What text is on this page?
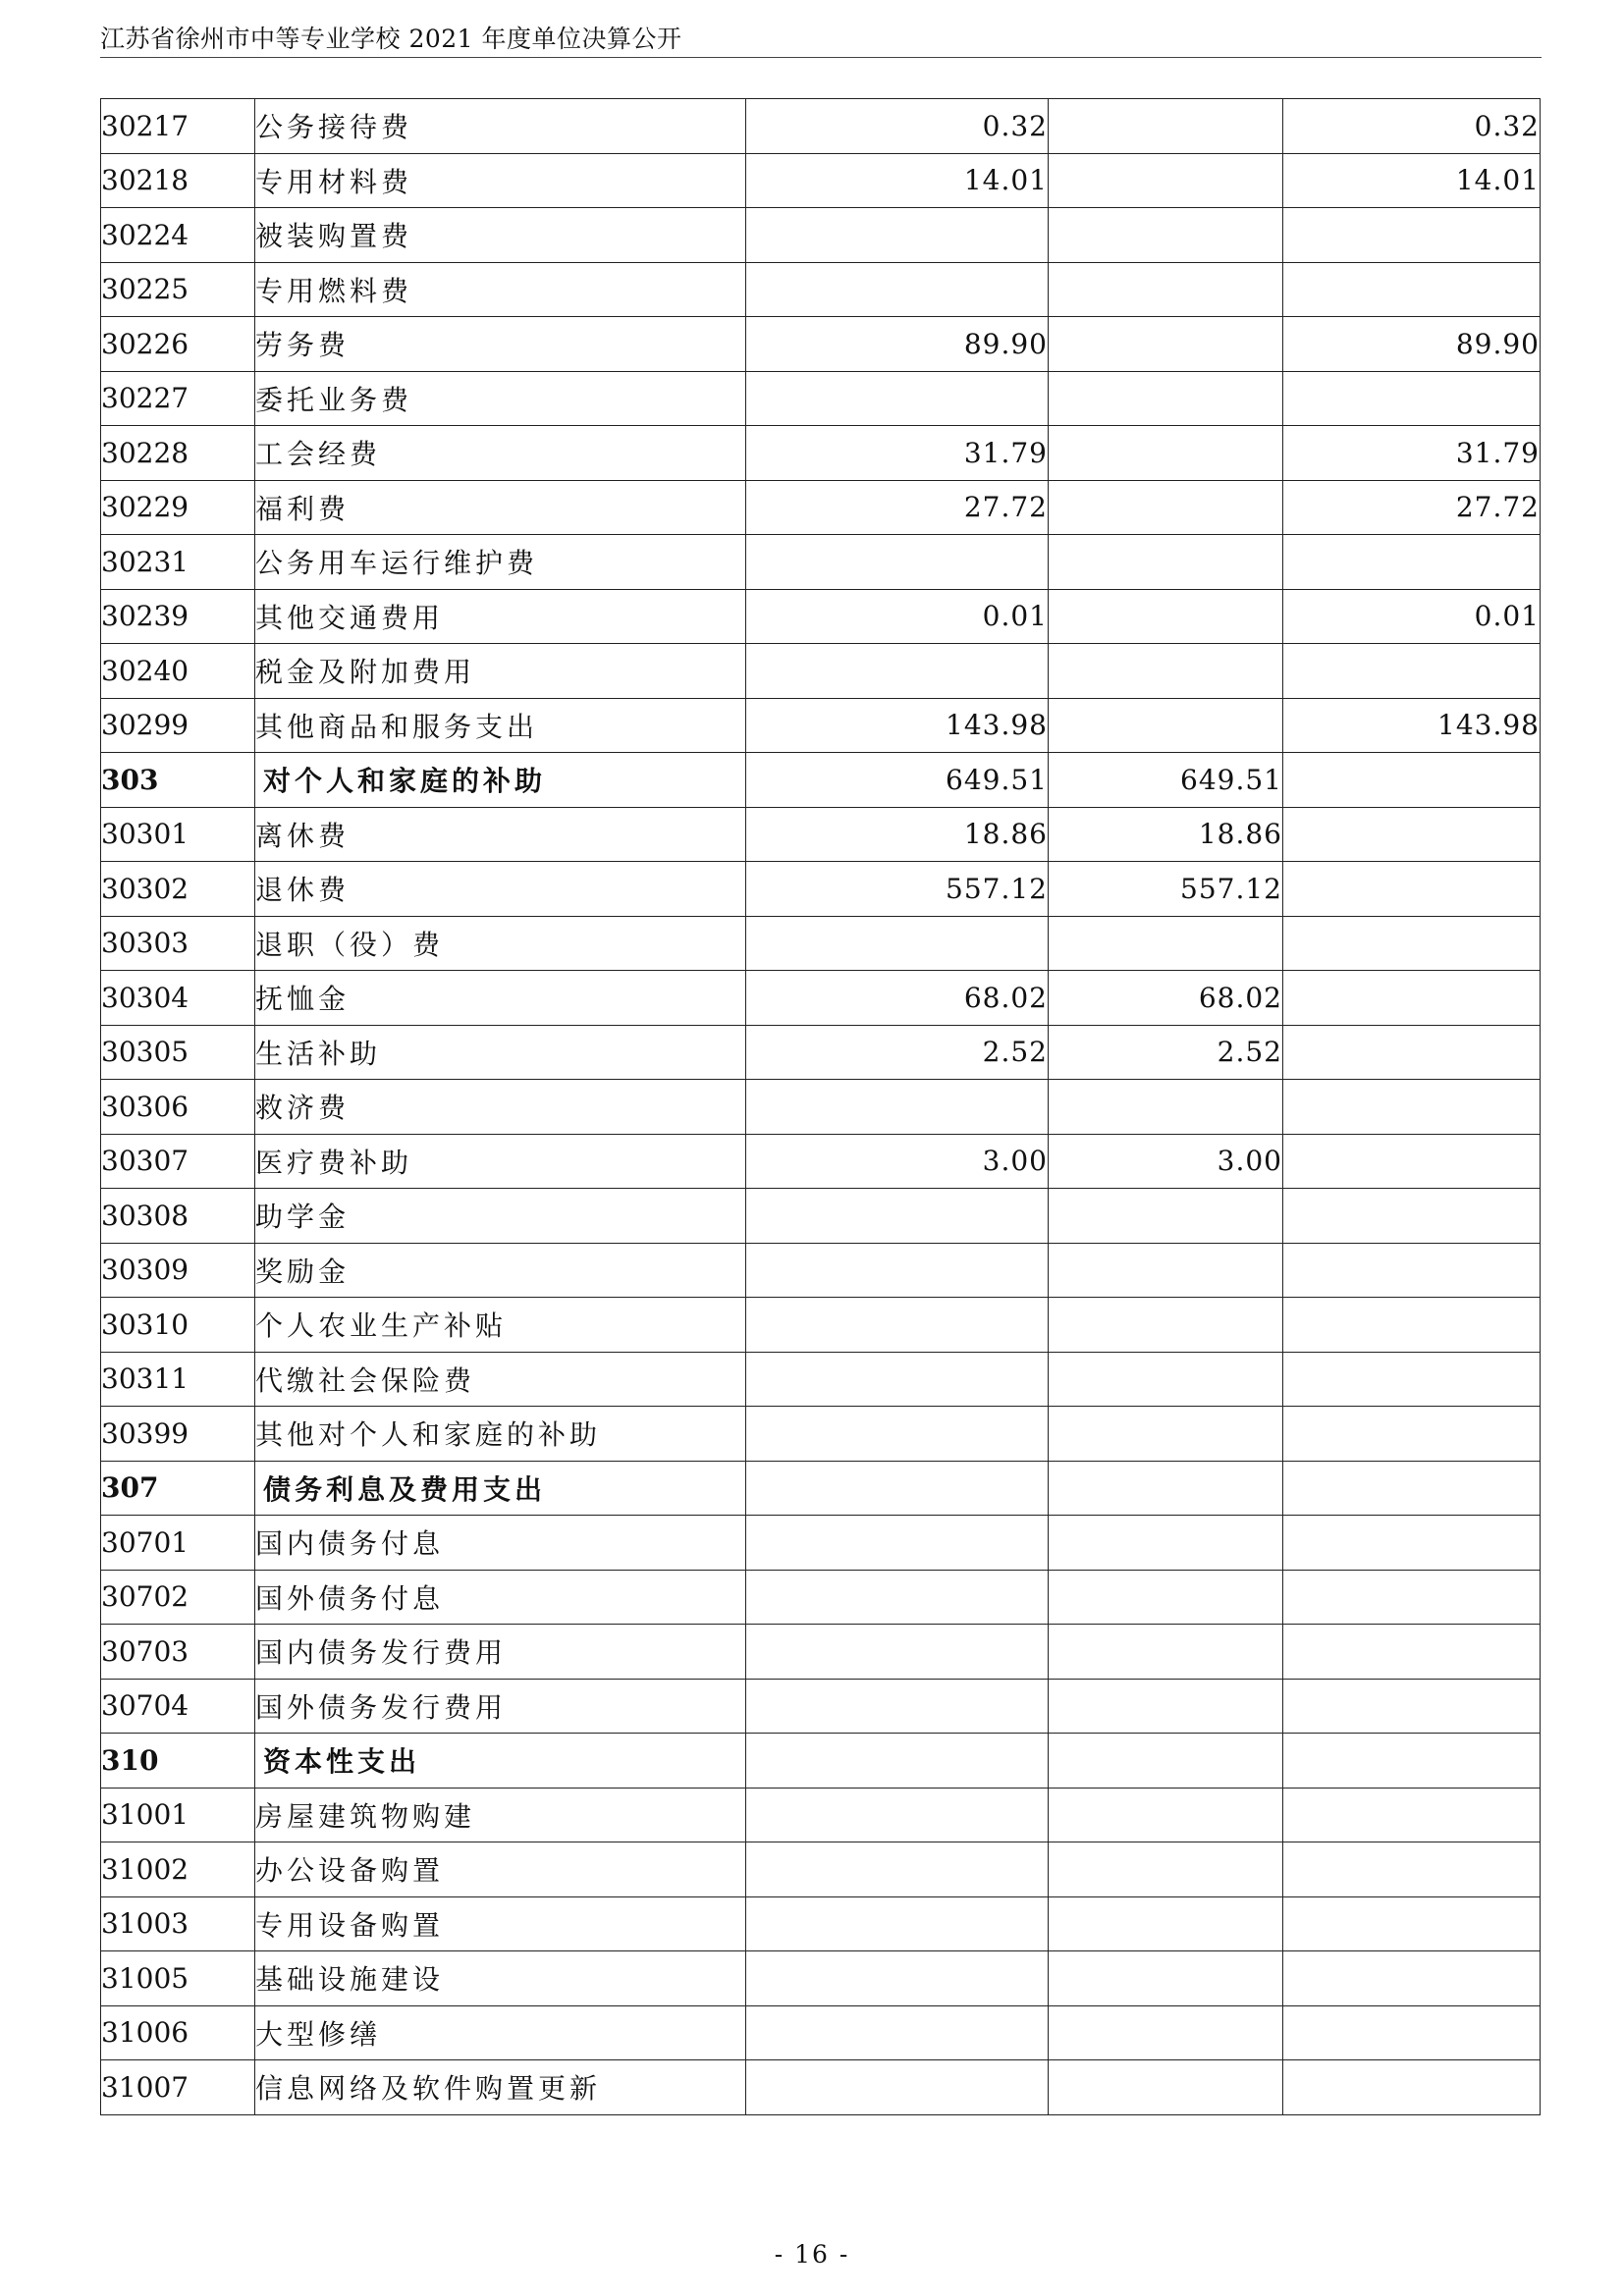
江苏省徐州市中等专业学校 2021 年度单位决算公开
30217	公务接待费	0.32		0.32
30218	专用材料费	14.01		14.01
30224	被装购置费			
30225	专用燃料费			
30226	劳务费	89.90		89.90
30227	委托业务费			
30228	工会经费	31.79		31.79
30229	福利费	27.72		27.72
30231	公务用车运行维护费			
30239	其他交通费用	0.01		0.01
30240	税金及附加费用			
30299	其他商品和服务支出	143.98		143.98
303	对个人和家庭的补助	649.51	649.51	
30301	离休费	18.86	18.86	
30302	退休费	557.12	557.12	
30303	退职（役）费			
30304	抚恤金	68.02	68.02	
30305	生活补助	2.52	2.52	
30306	救济费			
30307	医疗费补助	3.00	3.00	
30308	助学金			
30309	奖励金			
30310	个人农业生产补贴			
30311	代缴社会保险费			
30399	其他对个人和家庭的补助			
307	债务利息及费用支出			
30701	国内债务付息			
30702	国外债务付息			
30703	国内债务发行费用			
30704	国外债务发行费用			
310	资本性支出			
31001	房屋建筑物购建			
31002	办公设备购置			
31003	专用设备购置			
31005	基础设施建设			
31006	大型修缮			
31007	信息网络及软件购置更新			
- 16 -
